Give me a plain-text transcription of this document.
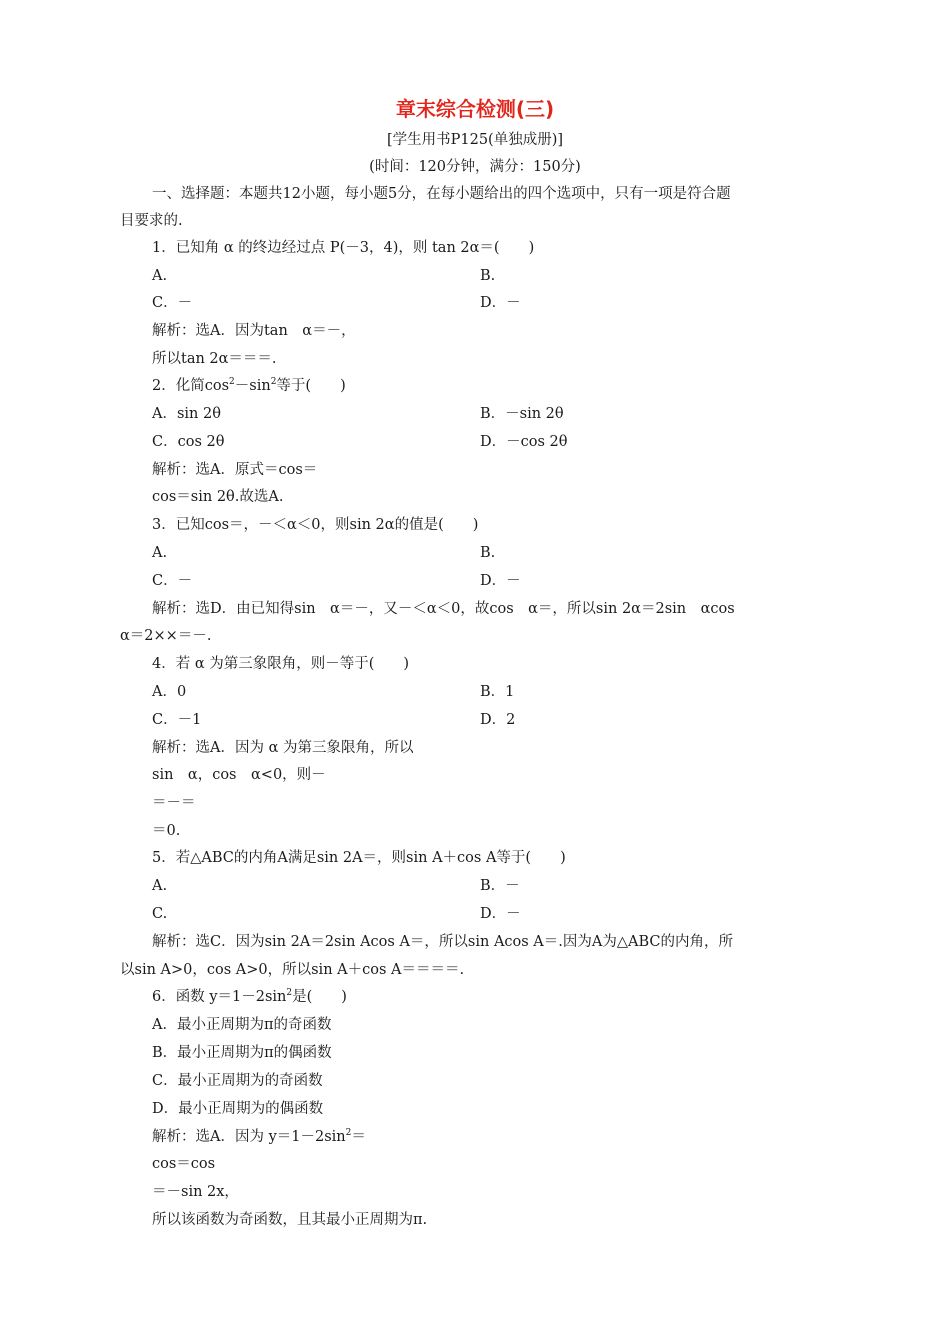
章末综合检测(三)
[学生用书P125(单独成册)]
(时间：120分钟，满分：150分)
一、选择题：本题共12小题，每小题5分，在每小题给出的四个选项中，只有一项是符合题
目要求的.
1．已知角 α 的终边经过点 P(－3，4)，则 tan 2α＝(　　)
A.	B.
C．－	D．－
解析：选A．因为tan　α＝－，
所以tan 2α＝＝＝.
2．化简$\cos^2-\sin^2$等于(　　)
A．sin 2θ	B．－sin 2θ
C．cos 2θ	D．－cos 2θ
解析：选A．原式＝cos＝
cos＝sin 2θ.故选A.
3．已知cos＝，－＜α＜0，则sin 2α的值是(　　)
A.	B.
C．－	D．－
解析：选D．由已知得sin　α＝－，又－＜α＜0，故cos　α＝，所以sin 2α＝2sin　αcos
α＝2××＝－.
4．若 α 为第三象限角，则－等于(　　)
A．0	B．1
C．－1	D．2
解析：选A．因为 α 为第三象限角，所以
sin　α，cos　α<0，则－
＝－＝
＝0.
5．若△ABC的内角A满足sin 2A＝，则sin A＋cos A等于(　　)
A.	B．－
C.	D．－
解析：选C．因为sin 2A＝2sin Acos A＝，所以sin Acos A＝.因为A为△ABC的内角，所
以sin A>0，cos A>0，所以sin A＋cos A＝＝＝＝.
6．函数 $y=1-2\sin^2$是(　　)
A．最小正周期为π的奇函数
B．最小正周期为π的偶函数
C．最小正周期为的奇函数
D．最小正周期为的偶函数
解析：选A．因为 $y=1-2\sin^2=$
cos＝cos
＝－sin 2x，
所以该函数为奇函数，且其最小正周期为π.
